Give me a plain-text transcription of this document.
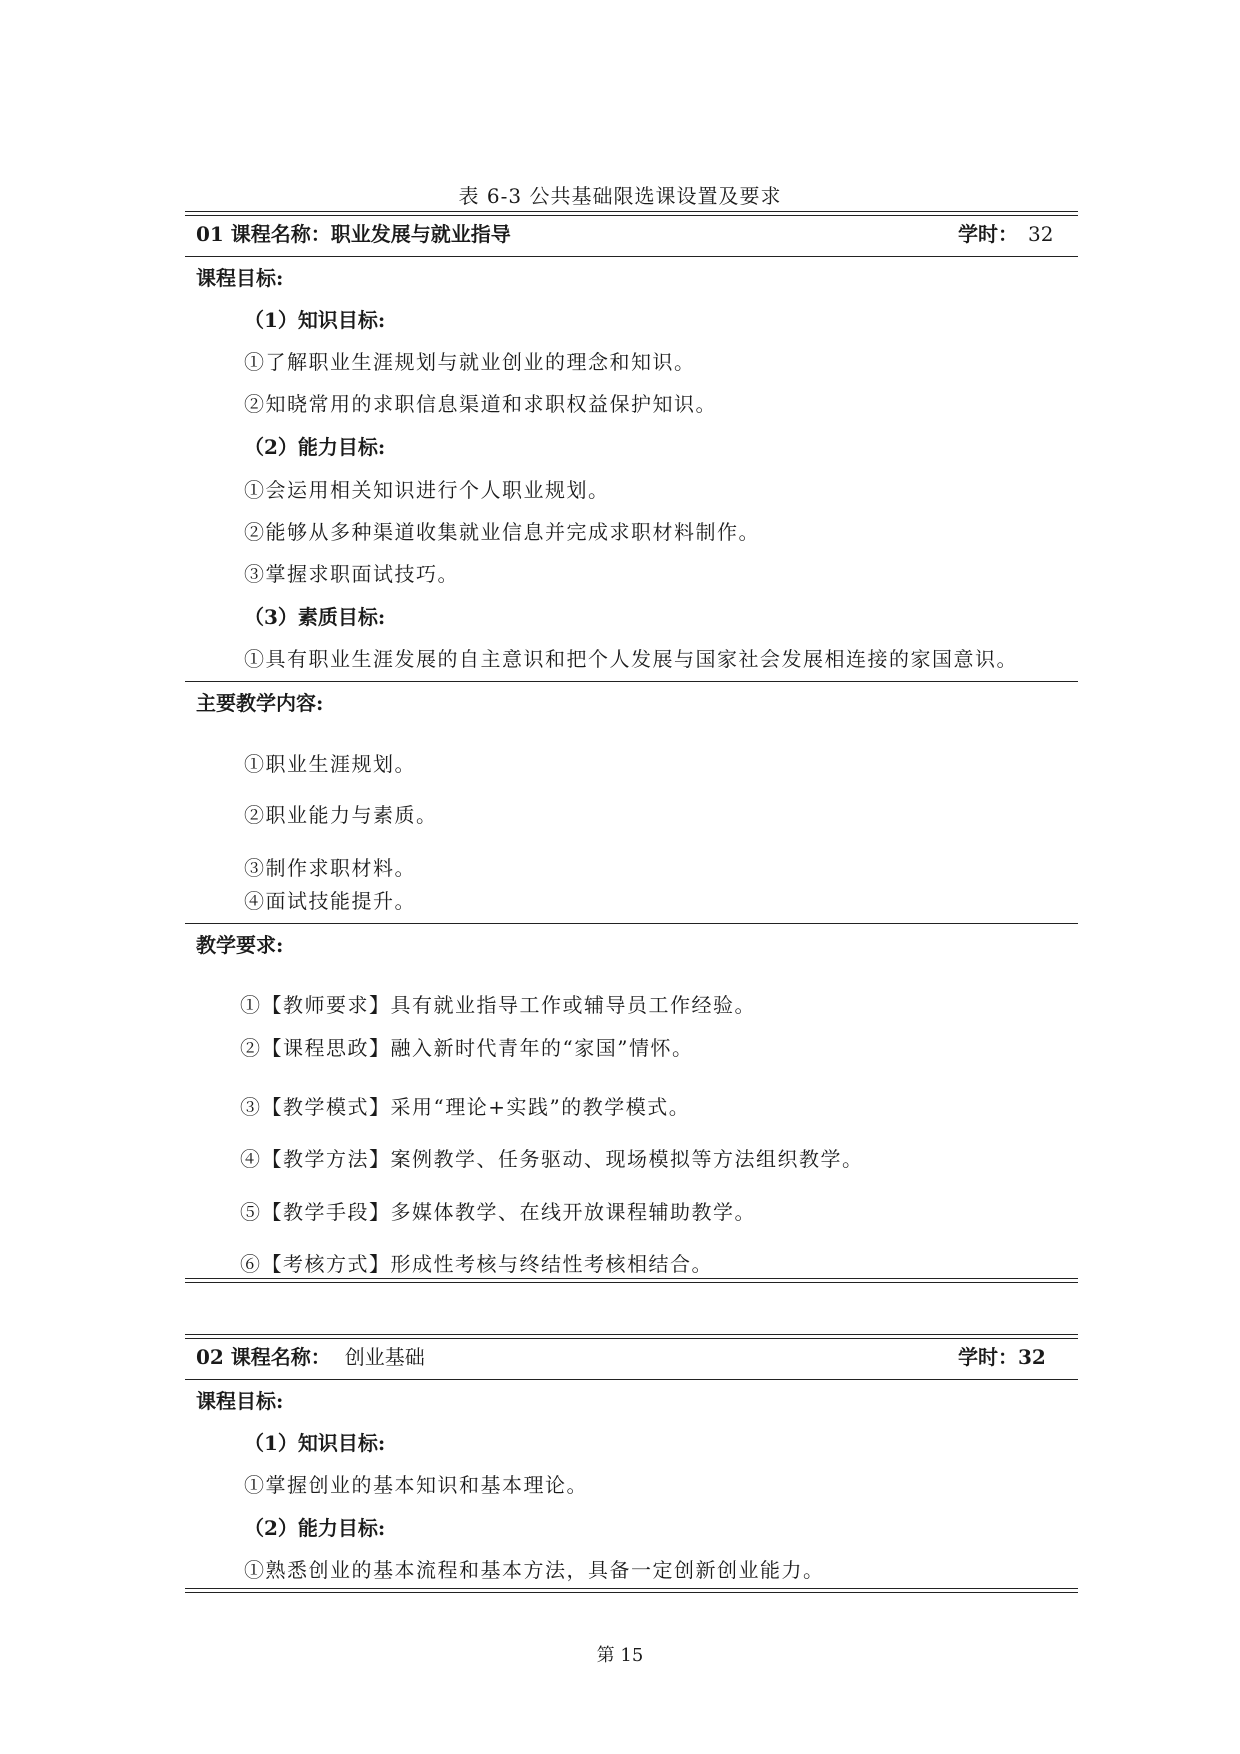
表 6-3 公共基础限选课设置及要求
01 课程名称：职业发展与就业指导	学时： 32
课程目标:
（1）知识目标:
①了解职业生涯规划与就业创业的理念和知识。
②知晓常用的求职信息渠道和求职权益保护知识。
（2）能力目标:
①会运用相关知识进行个人职业规划。
②能够从多种渠道收集就业信息并完成求职材料制作。
③掌握求职面试技巧。
（3）素质目标:
①具有职业生涯发展的自主意识和把个人发展与国家社会发展相连接的家国意识。
主要教学内容:
①职业生涯规划。
②职业能力与素质。
③制作求职材料。
④面试技能提升。
教学要求:
①【教师要求】具有就业指导工作或辅导员工作经验。
②【课程思政】融入新时代青年的“家国”情怀。
③【教学模式】采用“理论+实践”的教学模式。
④【教学方法】案例教学、任务驱动、现场模拟等方法组织教学。
⑤【教学手段】多媒体教学、在线开放课程辅助教学。
⑥【考核方式】形成性考核与终结性考核相结合。
02 课程名称： 创业基础	学时：32
课程目标:
（1）知识目标:
①掌握创业的基本知识和基本理论。
（2）能力目标:
①熟悉创业的基本流程和基本方法，具备一定创新创业能力。
第 15
